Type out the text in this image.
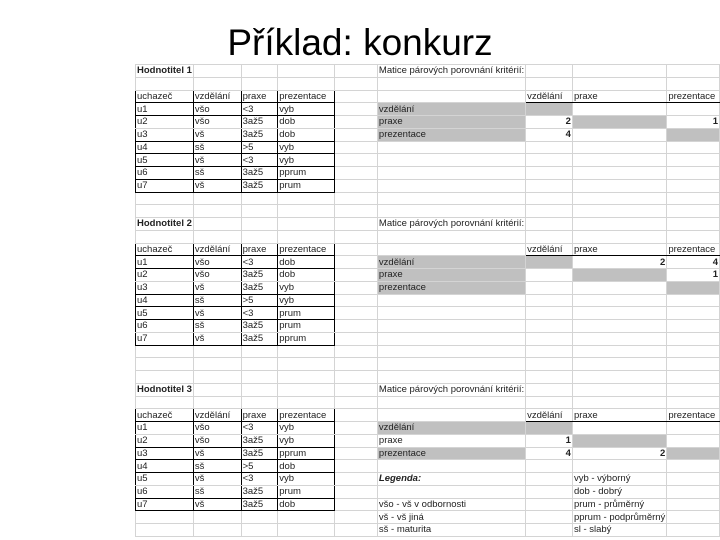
Příklad: konkurz
Hodnotitel 1					Matice párových porovnání kritérií:			

uchazeč	vzdělání	praxe	prezentace			vzdělání	praxe	prezentace
u1	všo	<3	vyb		vzdělání			
u2	všo	3až5	dob		praxe	2		1
u3	vš	3až5	dob		prezentace	4		
u4	sš	>5	vyb					
u5	vš	<3	vyb					
u6	sš	3až5	pprum					
u7	vš	3až5	prum					

Hodnotitel 2					Matice párových porovnání kritérií:			

uchazeč	vzdělání	praxe	prezentace			vzdělání	praxe	prezentace
u1	všo	<3	dob		vzdělání		2	4
u2	všo	3až5	dob		praxe			1
u3	vš	3až5	vyb		prezentace			
u4	sš	>5	vyb					
u5	vš	<3	prum					
u6	sš	3až5	prum					
u7	vš	3až5	pprum					

Hodnotitel 3					Matice párových porovnání kritérií:			

uchazeč	vzdělání	praxe	prezentace			vzdělání	praxe	prezentace
u1	všo	<3	vyb		vzdělání			
u2	všo	3až5	vyb		praxe	1		
u3	vš	3až5	pprum		prezentace	4	2	
u4	sš	>5	dob					
u5	vš	<3	vyb		Legenda:		vyb - výborný	
u6	sš	3až5	prum				dob - dobrý	
u7	vš	3až5	dob		všo - vš v odbornosti		prum - průměrný	
					vš - vš jiná		pprum - podprůměrný	
					sš - maturita		sl - slabý	
